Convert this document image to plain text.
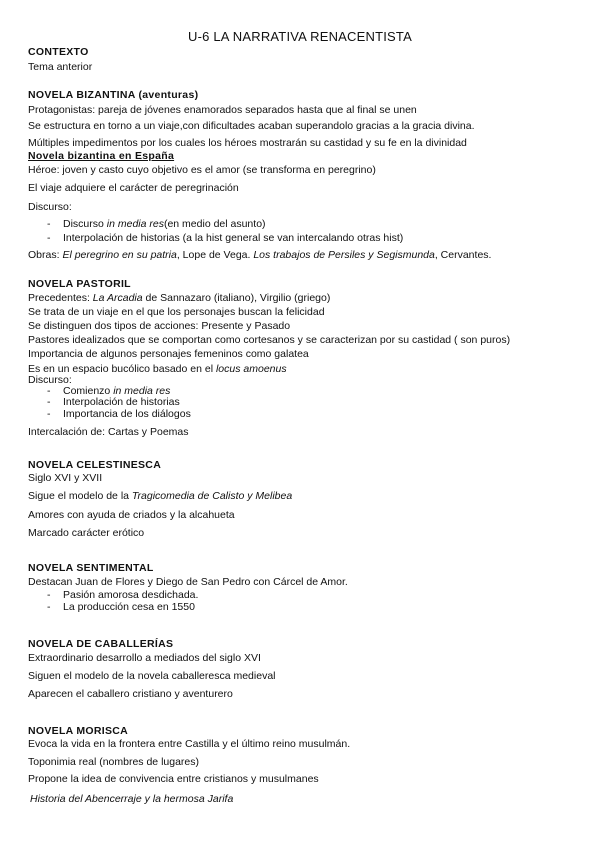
U-6 LA NARRATIVA RENACENTISTA
CONTEXTO
Tema anterior
NOVELA BIZANTINA (aventuras)
Protagonistas: pareja de jóvenes enamorados separados hasta que al final se unen
Se estructura en torno a un viaje,con dificultades acaban superandolo gracias a la gracia divina.
Múltiples impedimentos por los cuales los héroes mostrarán su castidad y su fe en la divinidad
Novela bizantina en España
Héroe: joven y casto cuyo objetivo es el amor (se transforma en peregrino)
El viaje adquiere el carácter de peregrinación
Discurso:
- Discurso in media res(en medio del asunto)
- Interpolación de historias (a la hist general se van intercalando otras hist)
Obras: El peregrino en su patria, Lope de Vega. Los trabajos de Persiles y Segismunda, Cervantes.
NOVELA PASTORIL
Precedentes: La Arcadia de Sannazaro (italiano), Virgilio (griego)
Se trata de un viaje en el que los personajes buscan la felicidad
Se distinguen dos tipos de acciones: Presente y Pasado
Pastores idealizados que se comportan como cortesanos y se caracterizan por su castidad ( son puros)
Importancia de algunos personajes femeninos como galatea
Es en un espacio bucólico basado en el locus amoenus
Discurso:
- Comienzo in media res
- Interpolación de historias
- Importancia de los diálogos
Intercalación de: Cartas y Poemas
NOVELA CELESTINESCA
Siglo XVI y XVII
Sigue el modelo de la Tragicomedia de Calisto y Melibea
Amores con ayuda de criados y la alcahueta
Marcado carácter erótico
NOVELA SENTIMENTAL
Destacan Juan de Flores y Diego de San Pedro con Cárcel de Amor.
- Pasión amorosa desdichada.
- La producción cesa en 1550
NOVELA DE CABALLERÍAS
Extraordinario desarrollo a mediados del siglo XVI
Siguen el modelo de la novela caballeresca medieval
Aparecen el caballero cristiano y aventurero
NOVELA MORISCA
Evoca la vida en la frontera entre Castilla y el último reino musulmán.
Toponimia real (nombres de lugares)
Propone la idea de convivencia entre cristianos y musulmanes
Historia del Abencerraje y la hermosa Jarifa
